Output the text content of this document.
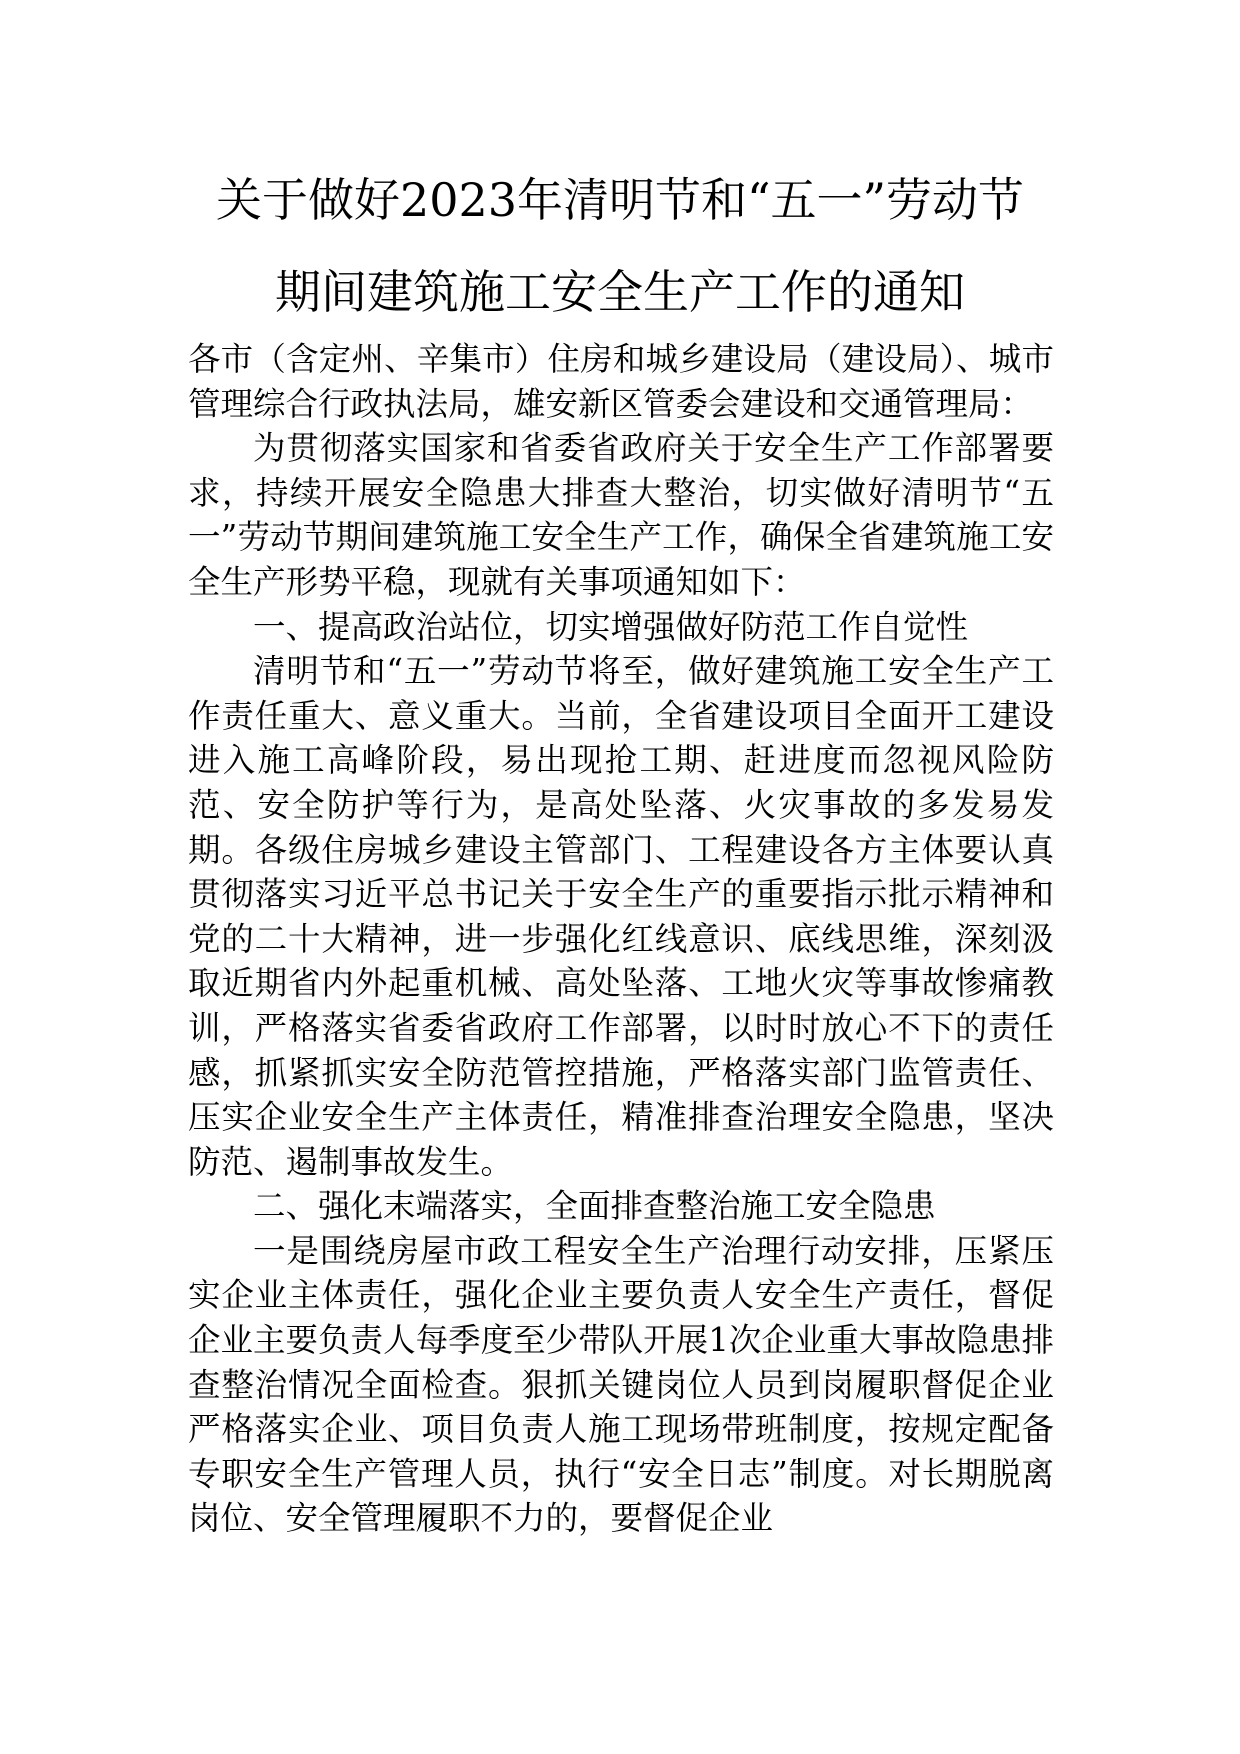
关于做好2023年清明节和“五一”劳动节
期间建筑施工安全生产工作的通知

各市（含定州、辛集市）住房和城乡建设局（建设局）、城市管理综合行政执法局，雄安新区管委会建设和交通管理局：

为贯彻落实国家和省委省政府关于安全生产工作部署要求，持续开展安全隐患大排查大整治，切实做好清明节“五一”劳动节期间建筑施工安全生产工作，确保全省建筑施工安全生产形势平稳，现就有关事项通知如下：

一、提高政治站位，切实增强做好防范工作自觉性

清明节和“五一”劳动节将至，做好建筑施工安全生产工作责任重大、意义重大。当前，全省建设项目全面开工建设进入施工高峰阶段，易出现抢工期、赶进度而忽视风险防范、安全防护等行为，是高处坠落、火灾事故的多发易发期。各级住房城乡建设主管部门、工程建设各方主体要认真贯彻落实习近平总书记关于安全生产的重要指示批示精神和党的二十大精神，进一步强化红线意识、底线思维，深刻汲取近期省内外起重机械、高处坠落、工地火灾等事故惨痛教训，严格落实省委省政府工作部署，以时时放心不下的责任感，抓紧抓实安全防范管控措施，严格落实部门监管责任、压实企业安全生产主体责任，精准排查治理安全隐患，坚决防范、遏制事故发生。

二、强化末端落实，全面排查整治施工安全隐患

一是围绕房屋市政工程安全生产治理行动安排，压紧压实企业主体责任，强化企业主要负责人安全生产责任，督促企业主要负责人每季度至少带队开展1次企业重大事故隐患排查整治情况全面检查。狠抓关键岗位人员到岗履职督促企业严格落实企业、项目负责人施工现场带班制度，按规定配备专职安全生产管理人员，执行“安全日志”制度。对长期脱离岗位、安全管理履职不力的，要督促企业
